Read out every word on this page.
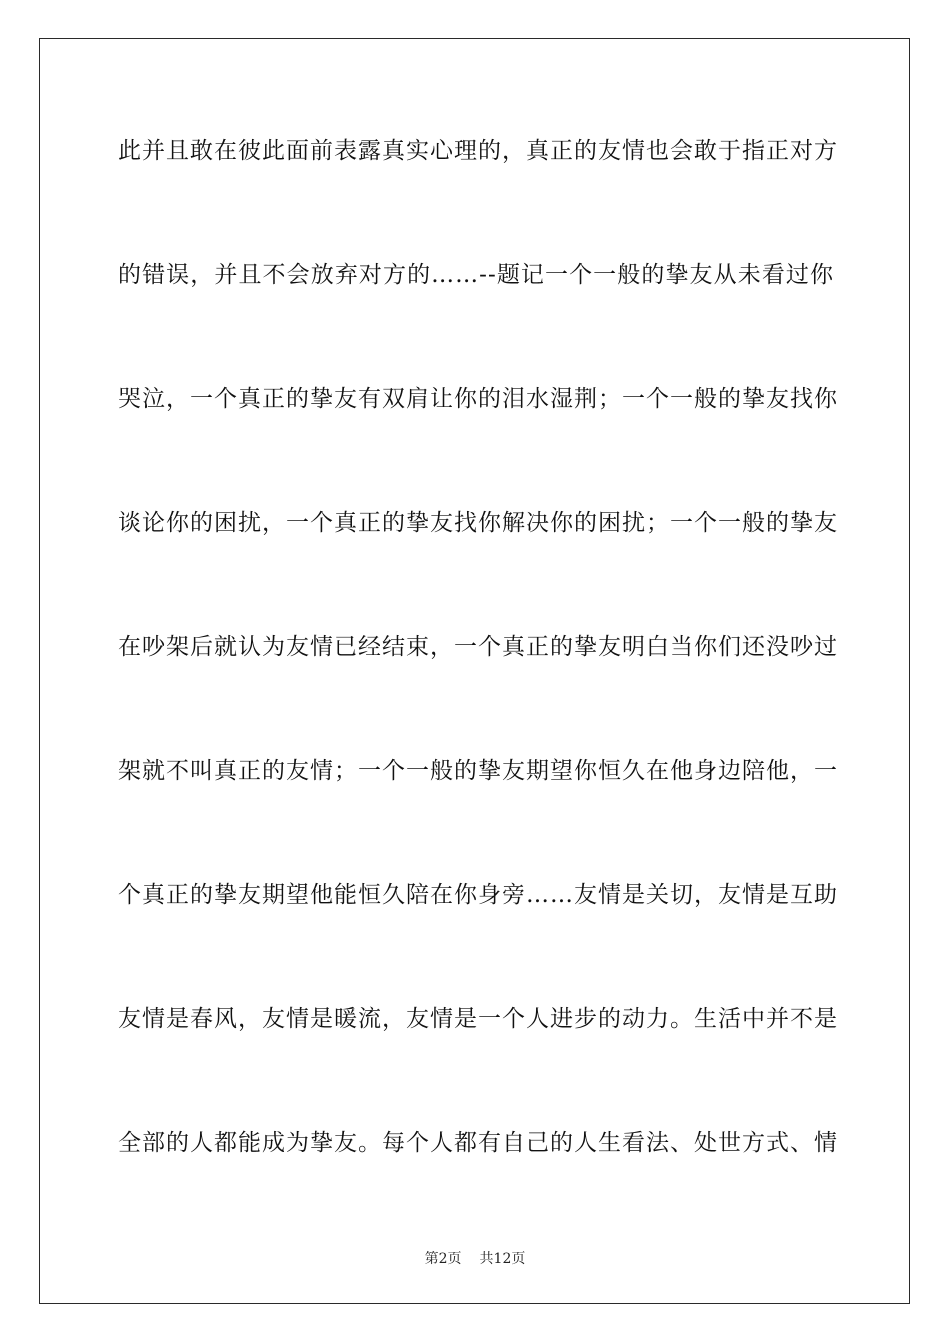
此并且敢在彼此面前表露真实心理的，真正的友情也会敢于指正对方
的错误，并且不会放弃对方的……--题记一个一般的挚友从未看过你
哭泣，一个真正的挚友有双肩让你的泪水湿荆；一个一般的挚友找你
谈论你的困扰，一个真正的挚友找你解决你的困扰；一个一般的挚友
在吵架后就认为友情已经结束，一个真正的挚友明白当你们还没吵过
架就不叫真正的友情；一个一般的挚友期望你恒久在他身边陪他，一
个真正的挚友期望他能恒久陪在你身旁……友情是关切，友情是互助
友情是春风，友情是暖流，友情是一个人进步的动力。生活中并不是
全部的人都能成为挚友。每个人都有自己的人生看法、处世方式、情
第2页 共12页
